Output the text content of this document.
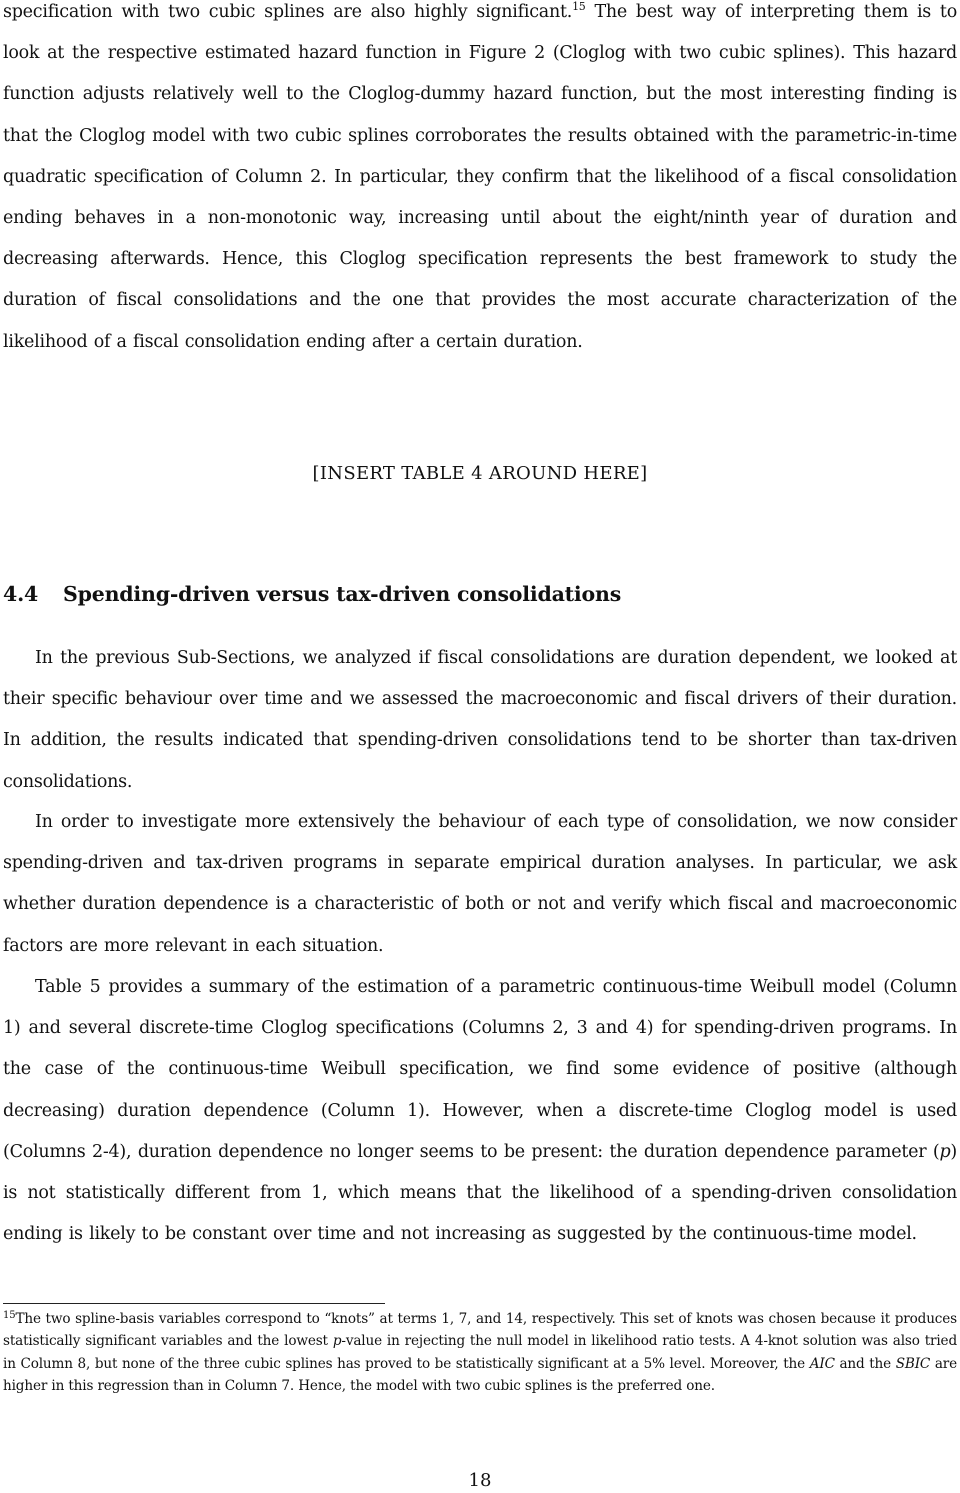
specification with two cubic splines are also highly significant.$^{15}$ The best way of interpreting them is to look at the respective estimated hazard function in Figure 2 (Cloglog with two cubic splines). This hazard function adjusts relatively well to the Cloglog-dummy hazard function, but the most interesting finding is that the Cloglog model with two cubic splines corroborates the results obtained with the parametric-in-time quadratic specification of Column 2. In particular, they confirm that the likelihood of a fiscal consolidation ending behaves in a non-monotonic way, increasing until about the eight/ninth year of duration and decreasing afterwards. Hence, this Cloglog specification represents the best framework to study the duration of fiscal consolidations and the one that provides the most accurate characterization of the likelihood of a fiscal consolidation ending after a certain duration.

[INSERT TABLE 4 AROUND HERE]

4.4 Spending-driven versus tax-driven consolidations

In the previous Sub-Sections, we analyzed if fiscal consolidations are duration dependent, we looked at their specific behaviour over time and we assessed the macroeconomic and fiscal drivers of their duration. In addition, the results indicated that spending-driven consolidations tend to be shorter than tax-driven consolidations.

In order to investigate more extensively the behaviour of each type of consolidation, we now consider spending-driven and tax-driven programs in separate empirical duration analyses. In particular, we ask whether duration dependence is a characteristic of both or not and verify which fiscal and macroeconomic factors are more relevant in each situation.

Table 5 provides a summary of the estimation of a parametric continuous-time Weibull model (Column 1) and several discrete-time Cloglog specifications (Columns 2, 3 and 4) for spending-driven programs. In the case of the continuous-time Weibull specification, we find some evidence of positive (although decreasing) duration dependence (Column 1). However, when a discrete-time Cloglog model is used (Columns 2-4), duration dependence no longer seems to be present: the duration dependence parameter (p) is not statistically different from 1, which means that the likelihood of a spending-driven consolidation ending is likely to be constant over time and not increasing as suggested by the continuous-time model.

$^{15}$The two spline-basis variables correspond to “knots” at terms 1, 7, and 14, respectively. This set of knots was chosen because it produces statistically significant variables and the lowest p-value in rejecting the null model in likelihood ratio tests. A 4-knot solution was also tried in Column 8, but none of the three cubic splines has proved to be statistically significant at a 5% level. Moreover, the AIC and the SBIC are higher in this regression than in Column 7. Hence, the model with two cubic splines is the preferred one.

18
